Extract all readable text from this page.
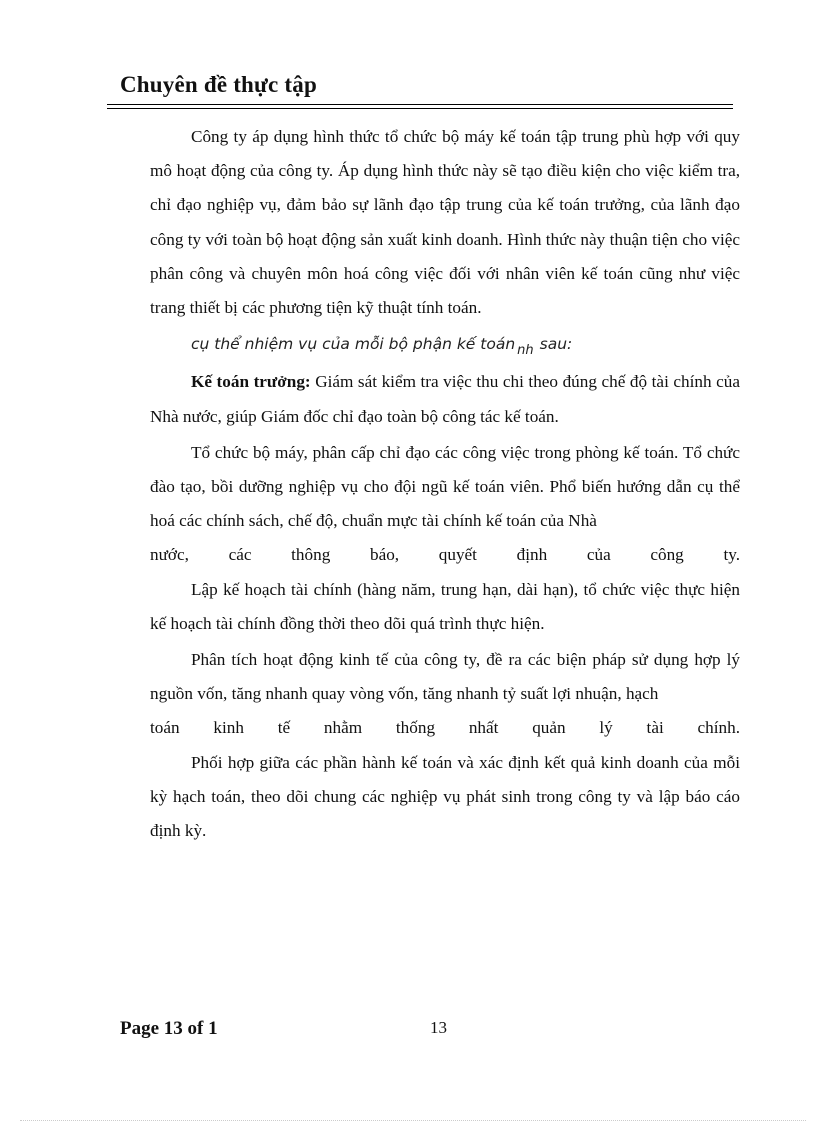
Chuyên đề thực tập

Công ty áp dụng hình thức tổ chức bộ máy kế toán tập trung phù hợp với quy mô hoạt động của công ty. Áp dụng hình thức này sẽ tạo điều kiện cho việc kiểm tra, chỉ đạo nghiệp vụ, đảm bảo sự lãnh đạo tập trung của kế toán trưởng, của lãnh đạo công ty với toàn bộ hoạt động sản xuất kinh doanh. Hình thức này thuận tiện cho việc phân công và chuyên môn hoá công việc đối với nhân viên kế toán cũng như việc trang thiết bị các phương tiện kỹ thuật tính toán.

cụ thể nhiệm vụ của mỗi bộ phận kế toán $_{nh}$ sau:

Kế toán trưởng: Giám sát kiểm tra việc thu chi theo đúng chế độ tài chính của Nhà nước, giúp Giám đốc chỉ đạo toàn bộ công tác kế toán.

Tổ chức bộ máy, phân cấp chỉ đạo các công việc trong phòng kế toán. Tổ chức đào tạo, bồi dưỡng nghiệp vụ cho đội ngũ kế toán viên. Phổ biến hướng dẫn cụ thể hoá các chính sách, chế độ, chuẩn mực tài chính kế toán của Nhà

nước, các thông báo, quyết định của công ty.

Lập kế hoạch tài chính (hàng năm, trung hạn, dài hạn), tổ chức việc thực hiện kế hoạch tài chính đồng thời theo dõi quá trình thực hiện.

Phân tích hoạt động kinh tế của công ty, đề ra các biện pháp sử dụng hợp lý nguồn vốn, tăng nhanh quay vòng vốn, tăng nhanh tỷ suất lợi nhuận, hạch

toán kinh tế nhằm thống nhất quản lý tài chính.

Phối hợp giữa các phần hành kế toán và xác định kết quả kinh doanh của mỗi kỳ hạch toán, theo dõi chung các nghiệp vụ phát sinh trong công ty và lập báo cáo định kỳ.

Page 13 of 1	13
